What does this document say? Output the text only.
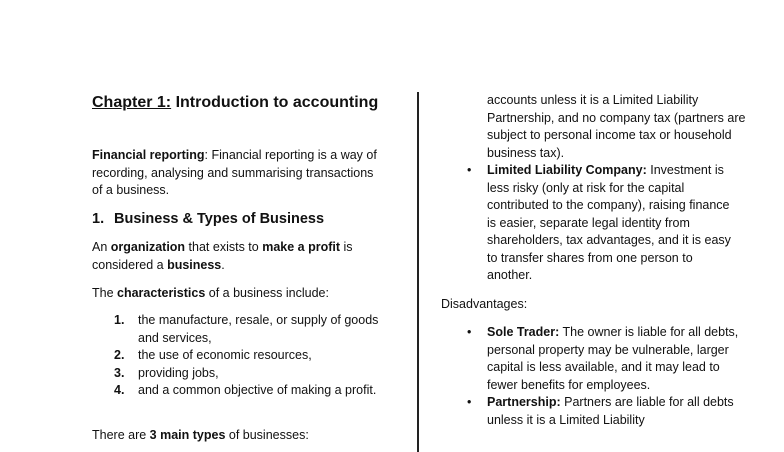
Chapter 1: Introduction to accounting
Financial reporting: Financial reporting is a way of recording, analysing and summarising transactions of a business.
1. Business & Types of Business
An organization that exists to make a profit is considered a business.
The characteristics of a business include:
1. the manufacture, resale, or supply of goods and services,
2. the use of economic resources,
3. providing jobs,
4. and a common objective of making a profit.
There are 3 main types of businesses:
accounts unless it is a Limited Liability Partnership, and no company tax (partners are subject to personal income tax or household business tax).
• Limited Liability Company: Investment is less risky (only at risk for the capital contributed to the company), raising finance is easier, separate legal identity from shareholders, tax advantages, and it is easy to transfer shares from one person to another.
Disadvantages:
• Sole Trader: The owner is liable for all debts, personal property may be vulnerable, larger capital is less available, and it may lead to fewer benefits for employees.
• Partnership: Partners are liable for all debts unless it is a Limited Liability
